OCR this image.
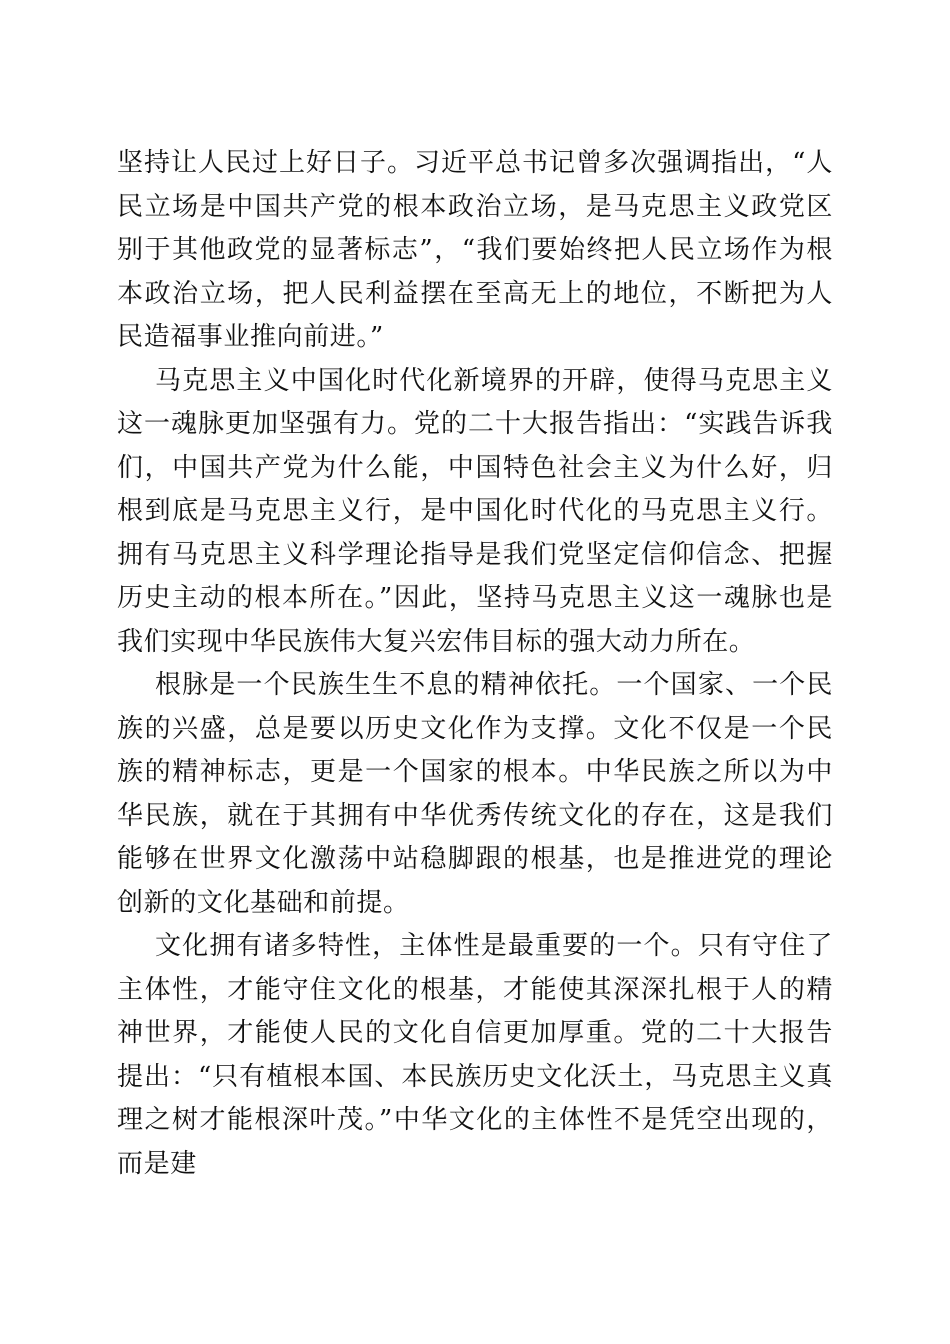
坚持让人民过上好日子。习近平总书记曾多次强调指出，“人民立场是中国共产党的根本政治立场，是马克思主义政党区别于其他政党的显著标志”，“我们要始终把人民立场作为根本政治立场，把人民利益摆在至高无上的地位，不断把为人民造福事业推向前进。”

马克思主义中国化时代化新境界的开辟，使得马克思主义这一魂脉更加坚强有力。党的二十大报告指出：“实践告诉我们，中国共产党为什么能，中国特色社会主义为什么好，归根到底是马克思主义行，是中国化时代化的马克思主义行。拥有马克思主义科学理论指导是我们党坚定信仰信念、把握历史主动的根本所在。”因此，坚持马克思主义这一魂脉也是我们实现中华民族伟大复兴宏伟目标的强大动力所在。

根脉是一个民族生生不息的精神依托。一个国家、一个民族的兴盛，总是要以历史文化作为支撑。文化不仅是一个民族的精神标志，更是一个国家的根本。中华民族之所以为中华民族，就在于其拥有中华优秀传统文化的存在，这是我们能够在世界文化激荡中站稳脚跟的根基，也是推进党的理论创新的文化基础和前提。

文化拥有诸多特性，主体性是最重要的一个。只有守住了主体性，才能守住文化的根基，才能使其深深扎根于人的精神世界，才能使人民的文化自信更加厚重。党的二十大报告提出：“只有植根本国、本民族历史文化沃土，马克思主义真理之树才能根深叶茂。”中华文化的主体性不是凭空出现的，而是建
